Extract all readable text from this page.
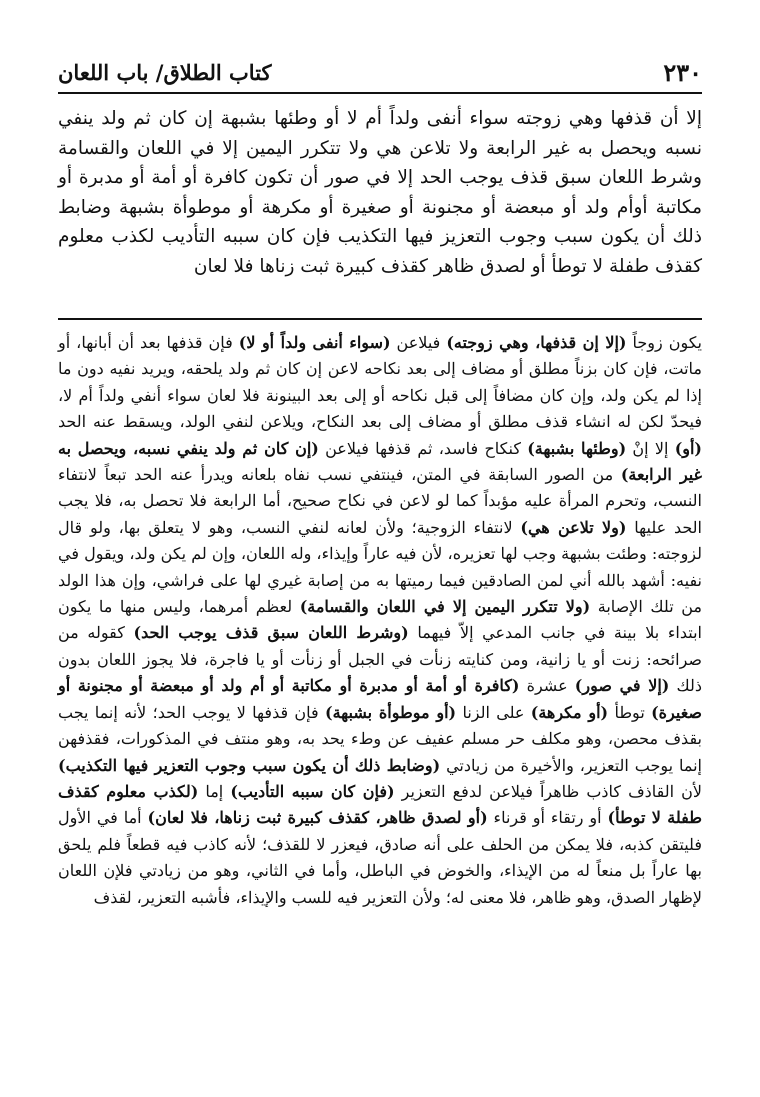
٢٣٠
كتاب الطلاق/ باب اللعان

إلا أن قذفها وهي زوجته سواء أنفى ولداً أم لا أو وطئها بشبهة إن كان ثم ولد ينفي نسبه ويحصل به غير الرابعة ولا تلاعن هي ولا تتكرر اليمين إلا في اللعان والقسامة وشرط اللعان سبق قذف يوجب الحد إلا في صور أن تكون كافرة أو أمة أو مدبرة أو مكاتبة أوأم ولد أو مبعضة أو مجنونة أو صغيرة أو مكرهة أو موطوأة بشبهة وضابط ذلك أن يكون سبب وجوب التعزيز فيها التكذيب فإن كان سببه التأديب لكذب معلوم كقذف طفلة لا توطأ أو لصدق ظاهر كقذف كبيرة ثبت زناها فلا لعان

يكون زوجاً (إلا إن قذفها، وهي زوجته) فيلاعن (سواء أنفى ولداً أو لا) فإن قذفها بعد أن أبانها، أو ماتت، فإن كان بزناً مطلق أو مضاف إلى بعد نكاحه لاعن إن كان ثم ولد يلحقه، ويريد نفيه دون ما إذا لم يكن ولد، وإن كان مضافاً إلى قبل نكاحه أو إلى بعد البينونة فلا لعان سواء أنفي ولداً أم لا، فيحدّ لكن له انشاء قذف مطلق أو مضاف إلى بعد النكاح، ويلاعن لنفي الولد، ويسقط عنه الحد (أو) إلا إنْ (وطئها بشبهة) كنكاح فاسد، ثم قذفها فيلاعن (إن كان ثم ولد ينفي نسبه، ويحصل به غير الرابعة) من الصور السابقة في المتن، فينتفي نسب نفاه بلعانه ويدرأ عنه الحد تبعاً لانتفاء النسب، وتحرم المرأة عليه مؤبداً كما لو لاعن في نكاح صحيح، أما الرابعة فلا تحصل به، فلا يجب الحد عليها (ولا تلاعن هي) لانتفاء الزوجية؛ ولأن لعانه لنفي النسب، وهو لا يتعلق بها، ولو قال لزوجته: وطئت بشبهة وجب لها تعزيره، لأن فيه عاراً وإيذاء، وله اللعان، وإن لم يكن ولد، ويقول في نفيه: أشهد بالله أني لمن الصادقين فيما رميتها به من إصابة غيري لها على فراشي، وإن هذا الولد من تلك الإصابة (ولا تتكرر اليمين إلا في اللعان والقسامة) لعظم أمرهما، وليس منها ما يكون ابتداء بلا بينة في جانب المدعي إلاّ فيهما (وشرط اللعان سبق قذف يوجب الحد) كقوله من صرائحه: زنت أو يا زانية، ومن كنايته زنأت في الجبل أو زنأت أو يا فاجرة، فلا يجوز اللعان بدون ذلك (إلا في صور) عشرة (كافرة أو أمة أو مدبرة أو مكاتبة أو أم ولد أو مبعضة أو مجنونة أو صغيرة) توطأ (أو مكرهة) على الزنا (أو موطوأة بشبهة) فإن قذفها لا يوجب الحد؛ لأنه إنما يجب بقذف محصن، وهو مكلف حر مسلم عفيف عن وطء يحد به، وهو منتف في المذكورات، فقذفهن إنما يوجب التعزير، والأخيرة من زيادتي (وضابط ذلك أن يكون سبب وجوب التعزير فيها التكذيب) لأن القاذف كاذب ظاهراً فيلاعن لدفع التعزير (فإن كان سببه التأديب) إما (لكذب معلوم كقذف طفلة لا توطأ) أو رتقاء أو قرناء (أو لصدق ظاهر، كقذف كبيرة ثبت زناها، فلا لعان) أما في الأول فليتقن كذبه، فلا يمكن من الحلف على أنه صادق، فيعزر لا للقذف؛ لأنه كاذب فيه قطعاً فلم يلحق بها عاراً بل منعاً له من الإيذاء، والخوض في الباطل، وأما في الثاني، وهو من زيادتي فلإن اللعان لإظهار الصدق، وهو ظاهر، فلا معنى له؛ ولأن التعزير فيه للسب والإيذاء، فأشبه التعزير، لقذف
